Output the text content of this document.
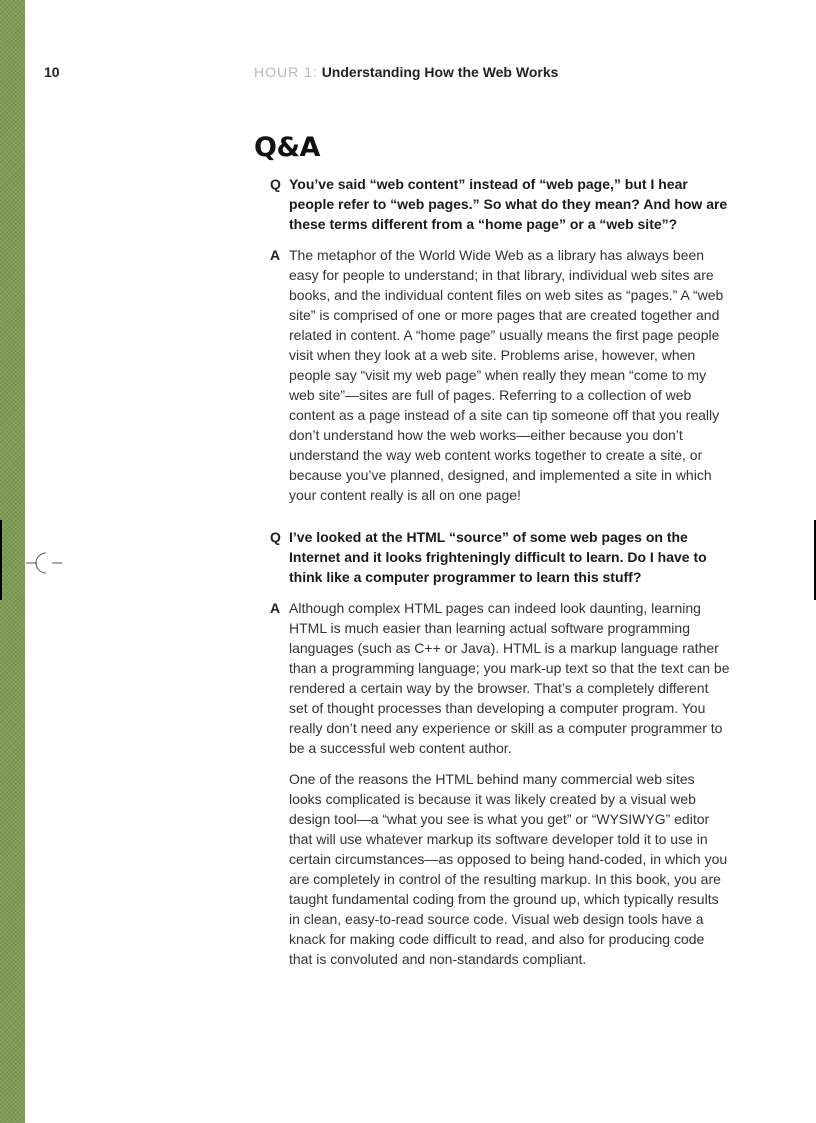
10	HOUR 1: Understanding How the Web Works
Q&A
Q You’ve said “web content” instead of “web page,” but I hear people refer to “web pages.” So what do they mean? And how are these terms different from a “home page” or a “web site”?

A The metaphor of the World Wide Web as a library has always been easy for people to understand; in that library, individual web sites are books, and the individual content files on web sites as “pages.” A “web site” is comprised of one or more pages that are created together and related in content. A “home page” usually means the first page people visit when they look at a web site. Problems arise, however, when people say “visit my web page” when really they mean “come to my web site”—sites are full of pages. Referring to a collection of web content as a page instead of a site can tip someone off that you really don’t understand how the web works—either because you don’t understand the way web content works together to create a site, or because you’ve planned, designed, and implemented a site in which your content really is all on one page!

Q I’ve looked at the HTML “source” of some web pages on the Internet and it looks frighteningly difficult to learn. Do I have to think like a computer programmer to learn this stuff?

A Although complex HTML pages can indeed look daunting, learning HTML is much easier than learning actual software programming languages (such as C++ or Java). HTML is a markup language rather than a programming language; you mark-up text so that the text can be rendered a certain way by the browser. That’s a completely different set of thought processes than developing a computer program. You really don’t need any experience or skill as a computer programmer to be a successful web content author.

One of the reasons the HTML behind many commercial web sites looks complicated is because it was likely created by a visual web design tool—a “what you see is what you get” or “WYSIWYG” editor that will use whatever markup its software developer told it to use in certain circumstances—as opposed to being hand-coded, in which you are completely in control of the resulting markup. In this book, you are taught fundamental coding from the ground up, which typically results in clean, easy-to-read source code. Visual web design tools have a knack for making code difficult to read, and also for producing code that is convoluted and non-standards compliant.
